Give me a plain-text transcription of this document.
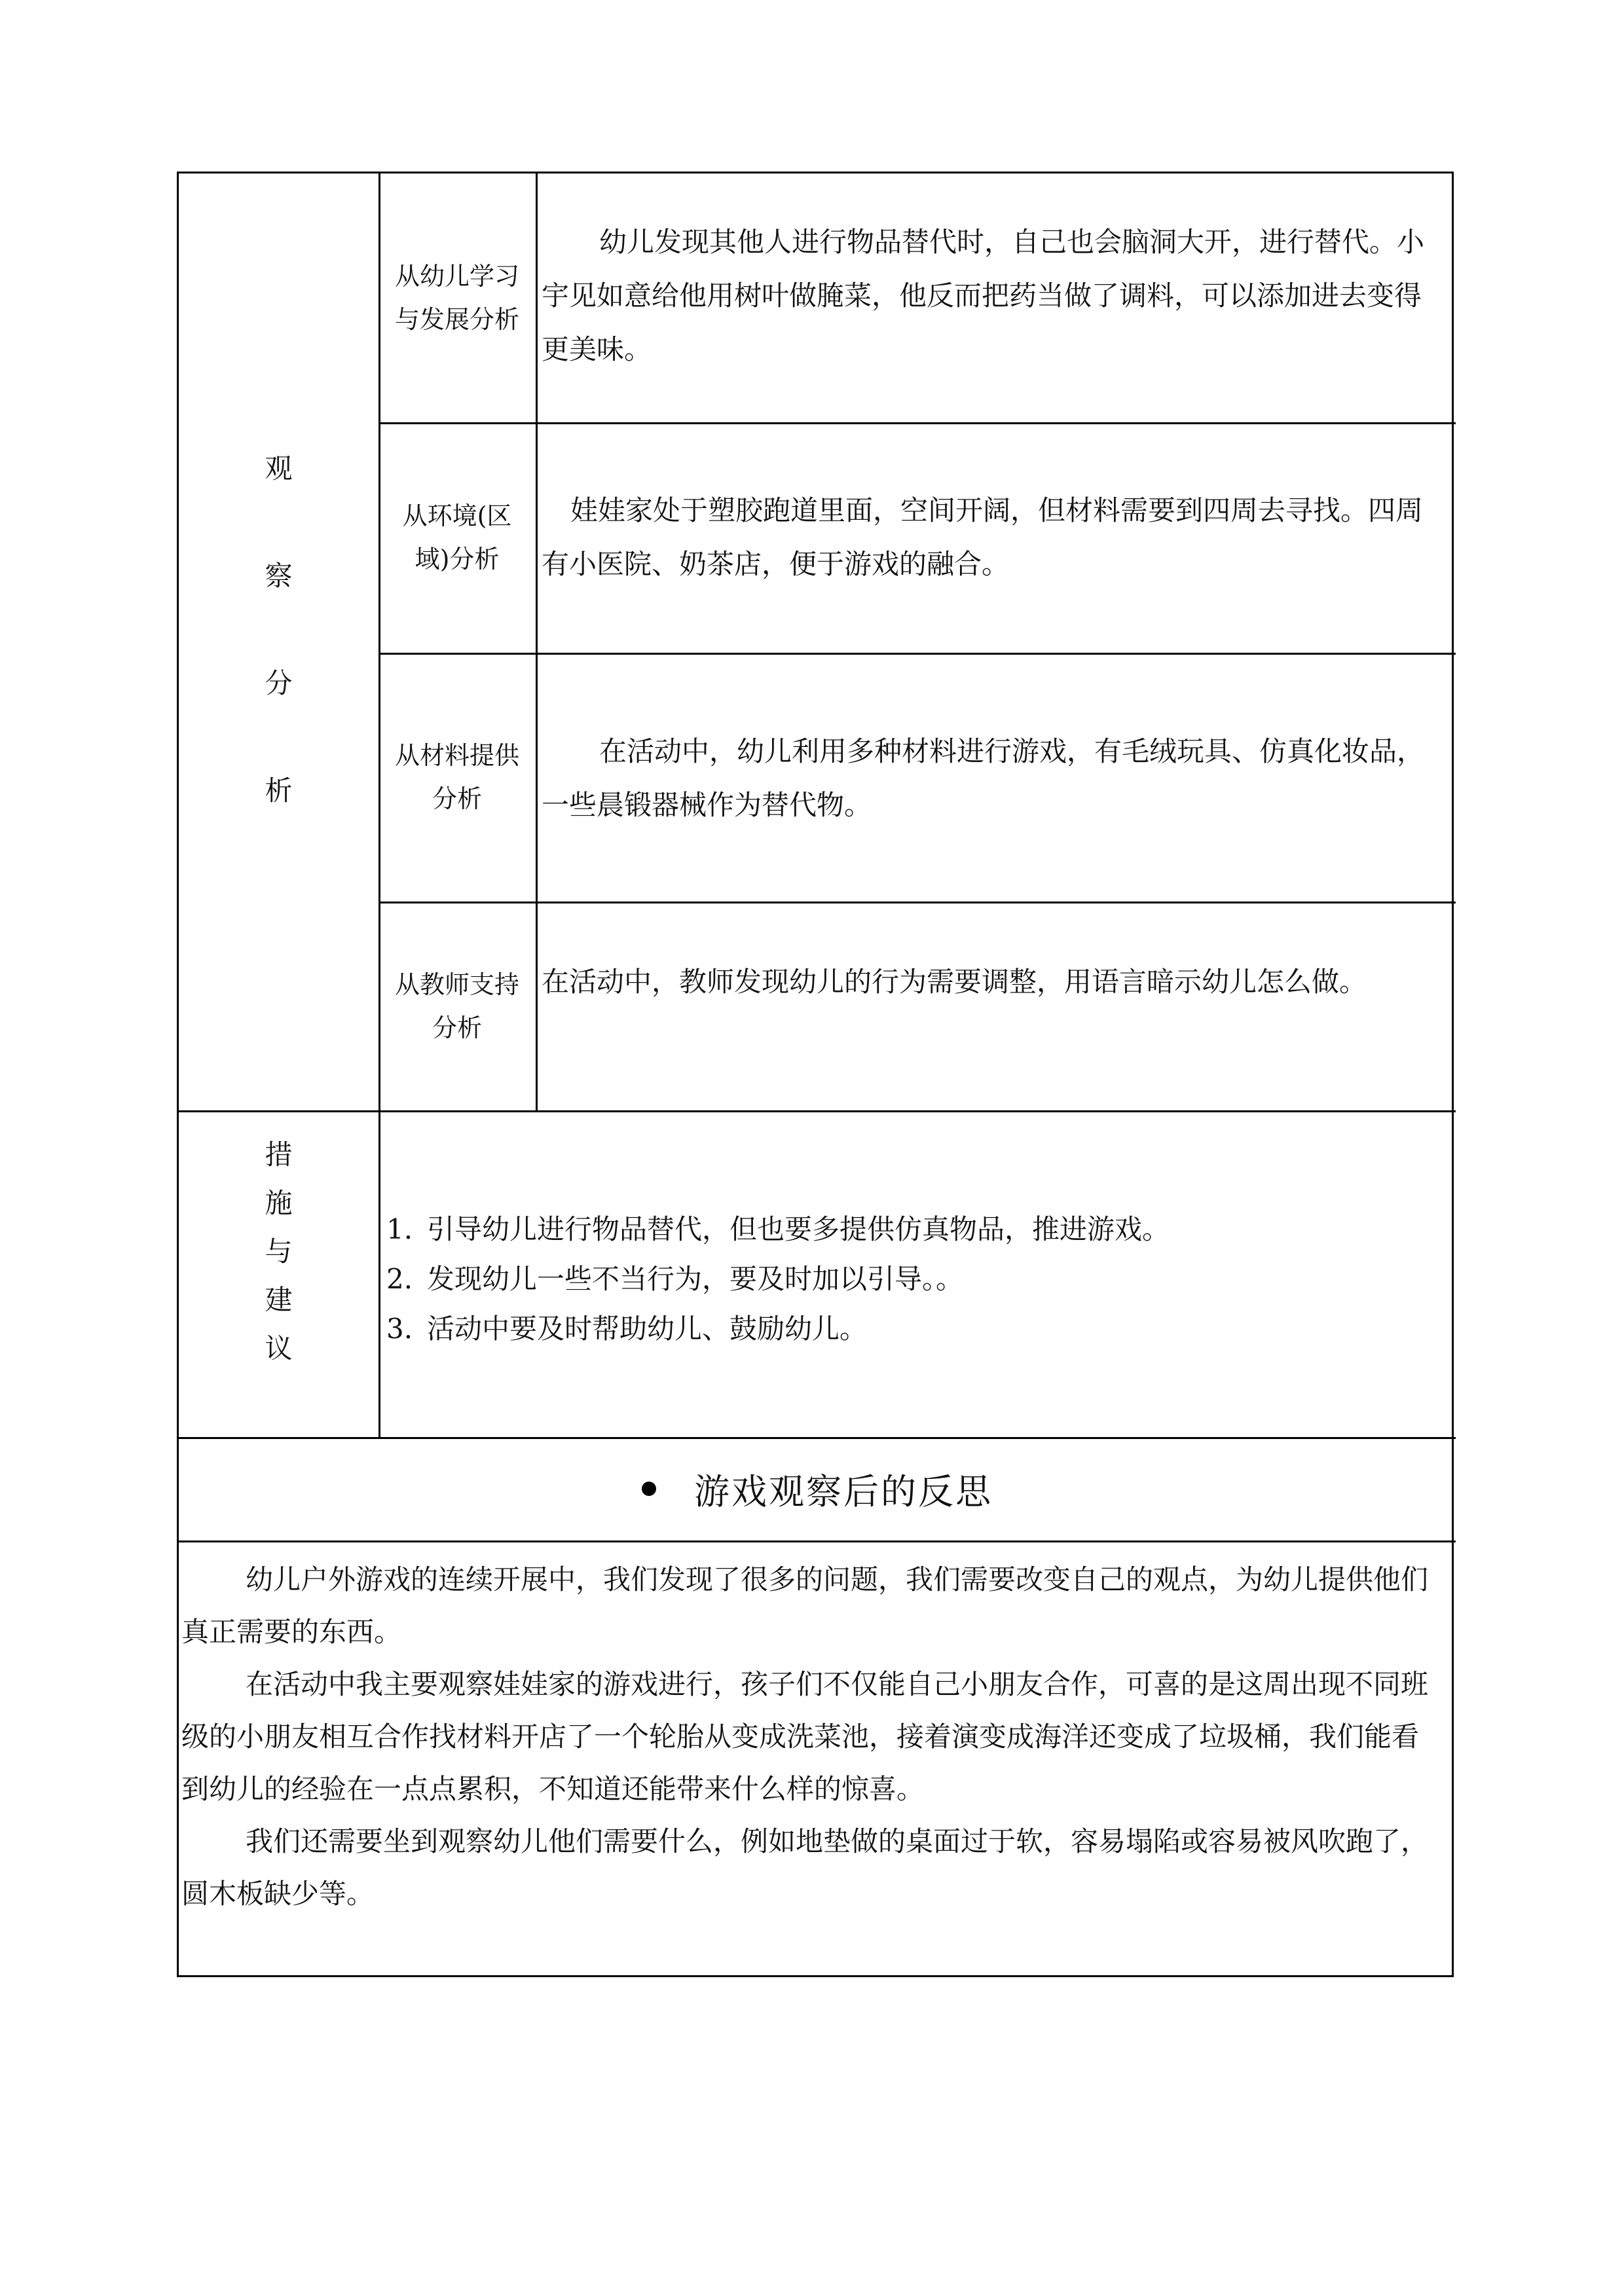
观
察
分
析
从幼儿学习
与发展分析
幼儿发现其他人进行物品替代时，自己也会脑洞大开，进行替代。小宇见如意给他用树叶做腌菜，他反而把药当做了调料，可以添加进去变得更美味。
从环境(区
域)分析
娃娃家处于塑胶跑道里面，空间开阔，但材料需要到四周去寻找。四周有小医院、奶茶店，便于游戏的融合。
从材料提供
分析
在活动中，幼儿利用多种材料进行游戏，有毛绒玩具、仿真化妆品，一些晨锻器械作为替代物。
从教师支持
分析
在活动中，教师发现幼儿的行为需要调整，用语言暗示幼儿怎么做。
措
施
与
建
议
1. 引导幼儿进行物品替代，但也要多提供仿真物品，推进游戏。
2. 发现幼儿一些不当行为，要及时加以引导。。
3. 活动中要及时帮助幼儿、鼓励幼儿。
游戏观察后的反思

幼儿户外游戏的连续开展中，我们发现了很多的问题，我们需要改变自己的观点，为幼儿提供他们真正需要的东西。

在活动中我主要观察娃娃家的游戏进行，孩子们不仅能自己小朋友合作，可喜的是这周出现不同班级的小朋友相互合作找材料开店了一个轮胎从变成洗菜池，接着演变成海洋还变成了垃圾桶，我们能看到幼儿的经验在一点点累积，不知道还能带来什么样的惊喜。

我们还需要坐到观察幼儿他们需要什么，例如地垫做的桌面过于软，容易塌陷或容易被风吹跑了，圆木板缺少等。
